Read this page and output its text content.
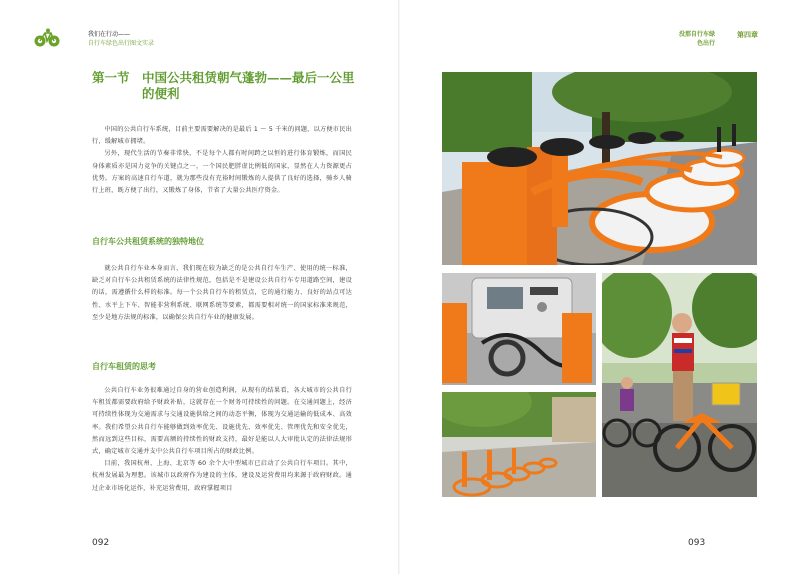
我们在行动——
自行车绿色出行图文实录
第一节 中国公共租赁朝气蓬勃——最后一公里
的便利

中国的公共自行车系统，目前主要需要解决的是最后 1 ～ 5 千米的问题，以方便市民出行，缓解城市拥堵。

另外，现代生活的节奏非常快，不是每个人都有时间跨之以恒的进行体育锻炼，而国民身体素质亦是国力竞争的关键点之一，一个国民肥胖虚比例低的国家，显然在人力资源更占优势。方案的高速自行车道，就为那些没有充裕时间锻炼的人提供了良好的选择，骑乡人骑行上班，既方便了出行，又锻炼了身体，节省了大量公共医疗资金。

自行车公共租赁系统的独特地位

就公共自行车业本身而言，我们现在较为缺乏的是公共自行车生产、使用的统一标准，缺乏对自行车公共租赁系统的法律性规范，包括是不是建设公共自行车专用道路空间，建设的话，需遵循什么样的标准。每一个公共自行车的租赁点，它的通行能力、良好的站点可达性、水平上下车、智能非营利系统、联网系统等要素，都需要相对统一的国家标准来规范，至少是地方法规的标准，以确保公共自行车业的健康发展。

自行车租赁的思考

公共自行车业务很难通过自身的营业创造利润，从现有的结果看，各大城市的公共自行车租赁都需要政府给予财政补贴，这就存在一个财务可持续性的问题。在交通问题上，经济可持续性体现为交通需求与交通设施供给之间的动态平衡，体现为交通运输的低成本、高效率。我们希望公共自行车能够做到效率优先、设施优先、效率优先、管理优先和安全优先，然而远到这些目标，需要高额的持续性的财政支持，最好是能以人大审批认定的法律法规形式，确定城市交通并支中公共自行车项目所占的财政比例。

目前，我国杭州、上海、北京等 60 余个大中型城市已启动了公共自行车项目。其中，杭州发展最为理想。该城市以政府作为建设的主体，建设及运营费用均来源于政府财政。通过企业市场化运作，补充运营费用，政府掌握项目

092
没那自行车绿色出行
第四章
093
